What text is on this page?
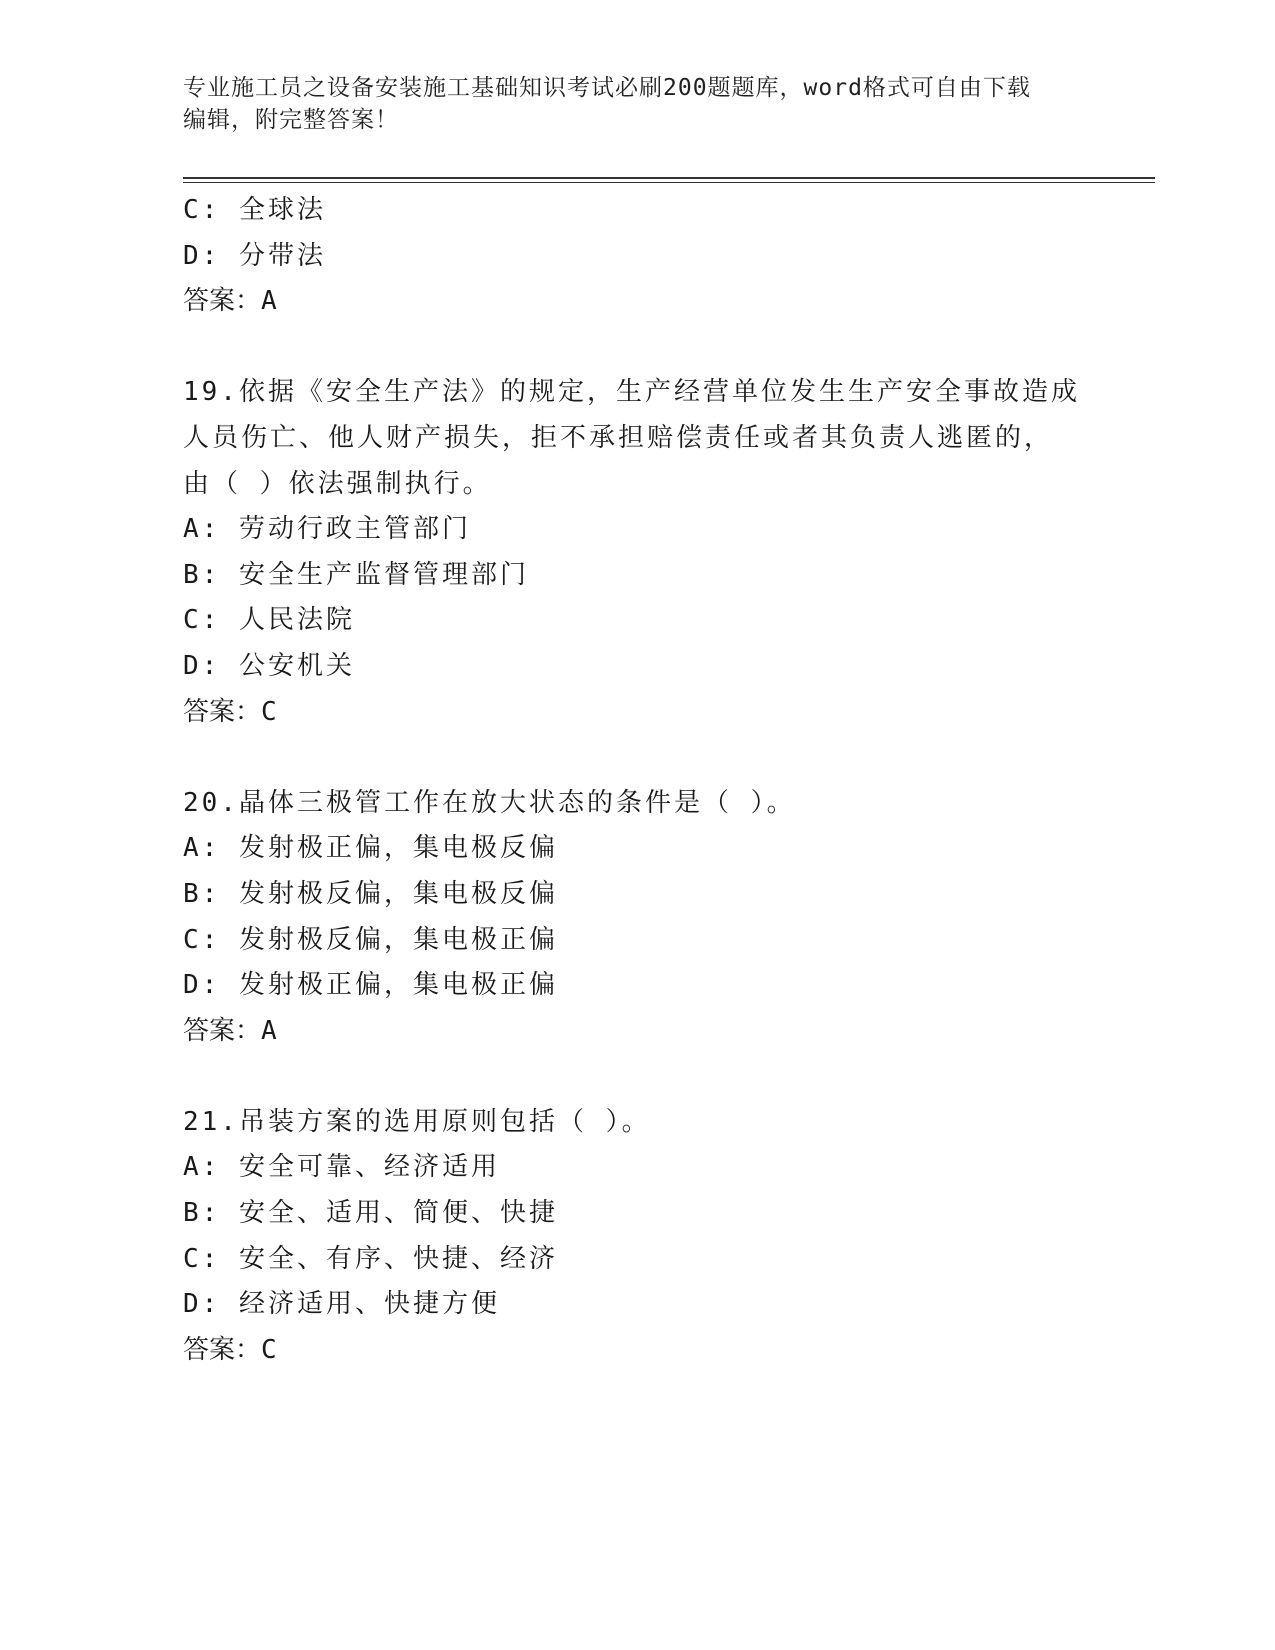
专业施工员之设备安装施工基础知识考试必刷200题题库，word格式可自由下载
编辑，附完整答案！
C: 全球法
D: 分带法
答案：A
19.依据《安全生产法》的规定，生产经营单位发生生产安全事故造成
人员伤亡、他人财产损失，拒不承担赔偿责任或者其负责人逃匿的，
由（ ）依法强制执行。
A: 劳动行政主管部门
B: 安全生产监督管理部门
C: 人民法院
D: 公安机关
答案：C
20.晶体三极管工作在放大状态的条件是（ ）。
A: 发射极正偏，集电极反偏
B: 发射极反偏，集电极反偏
C: 发射极反偏，集电极正偏
D: 发射极正偏，集电极正偏
答案：A
21.吊装方案的选用原则包括（ ）。
A: 安全可靠、经济适用
B: 安全、适用、简便、快捷
C: 安全、有序、快捷、经济
D: 经济适用、快捷方便
答案：C
